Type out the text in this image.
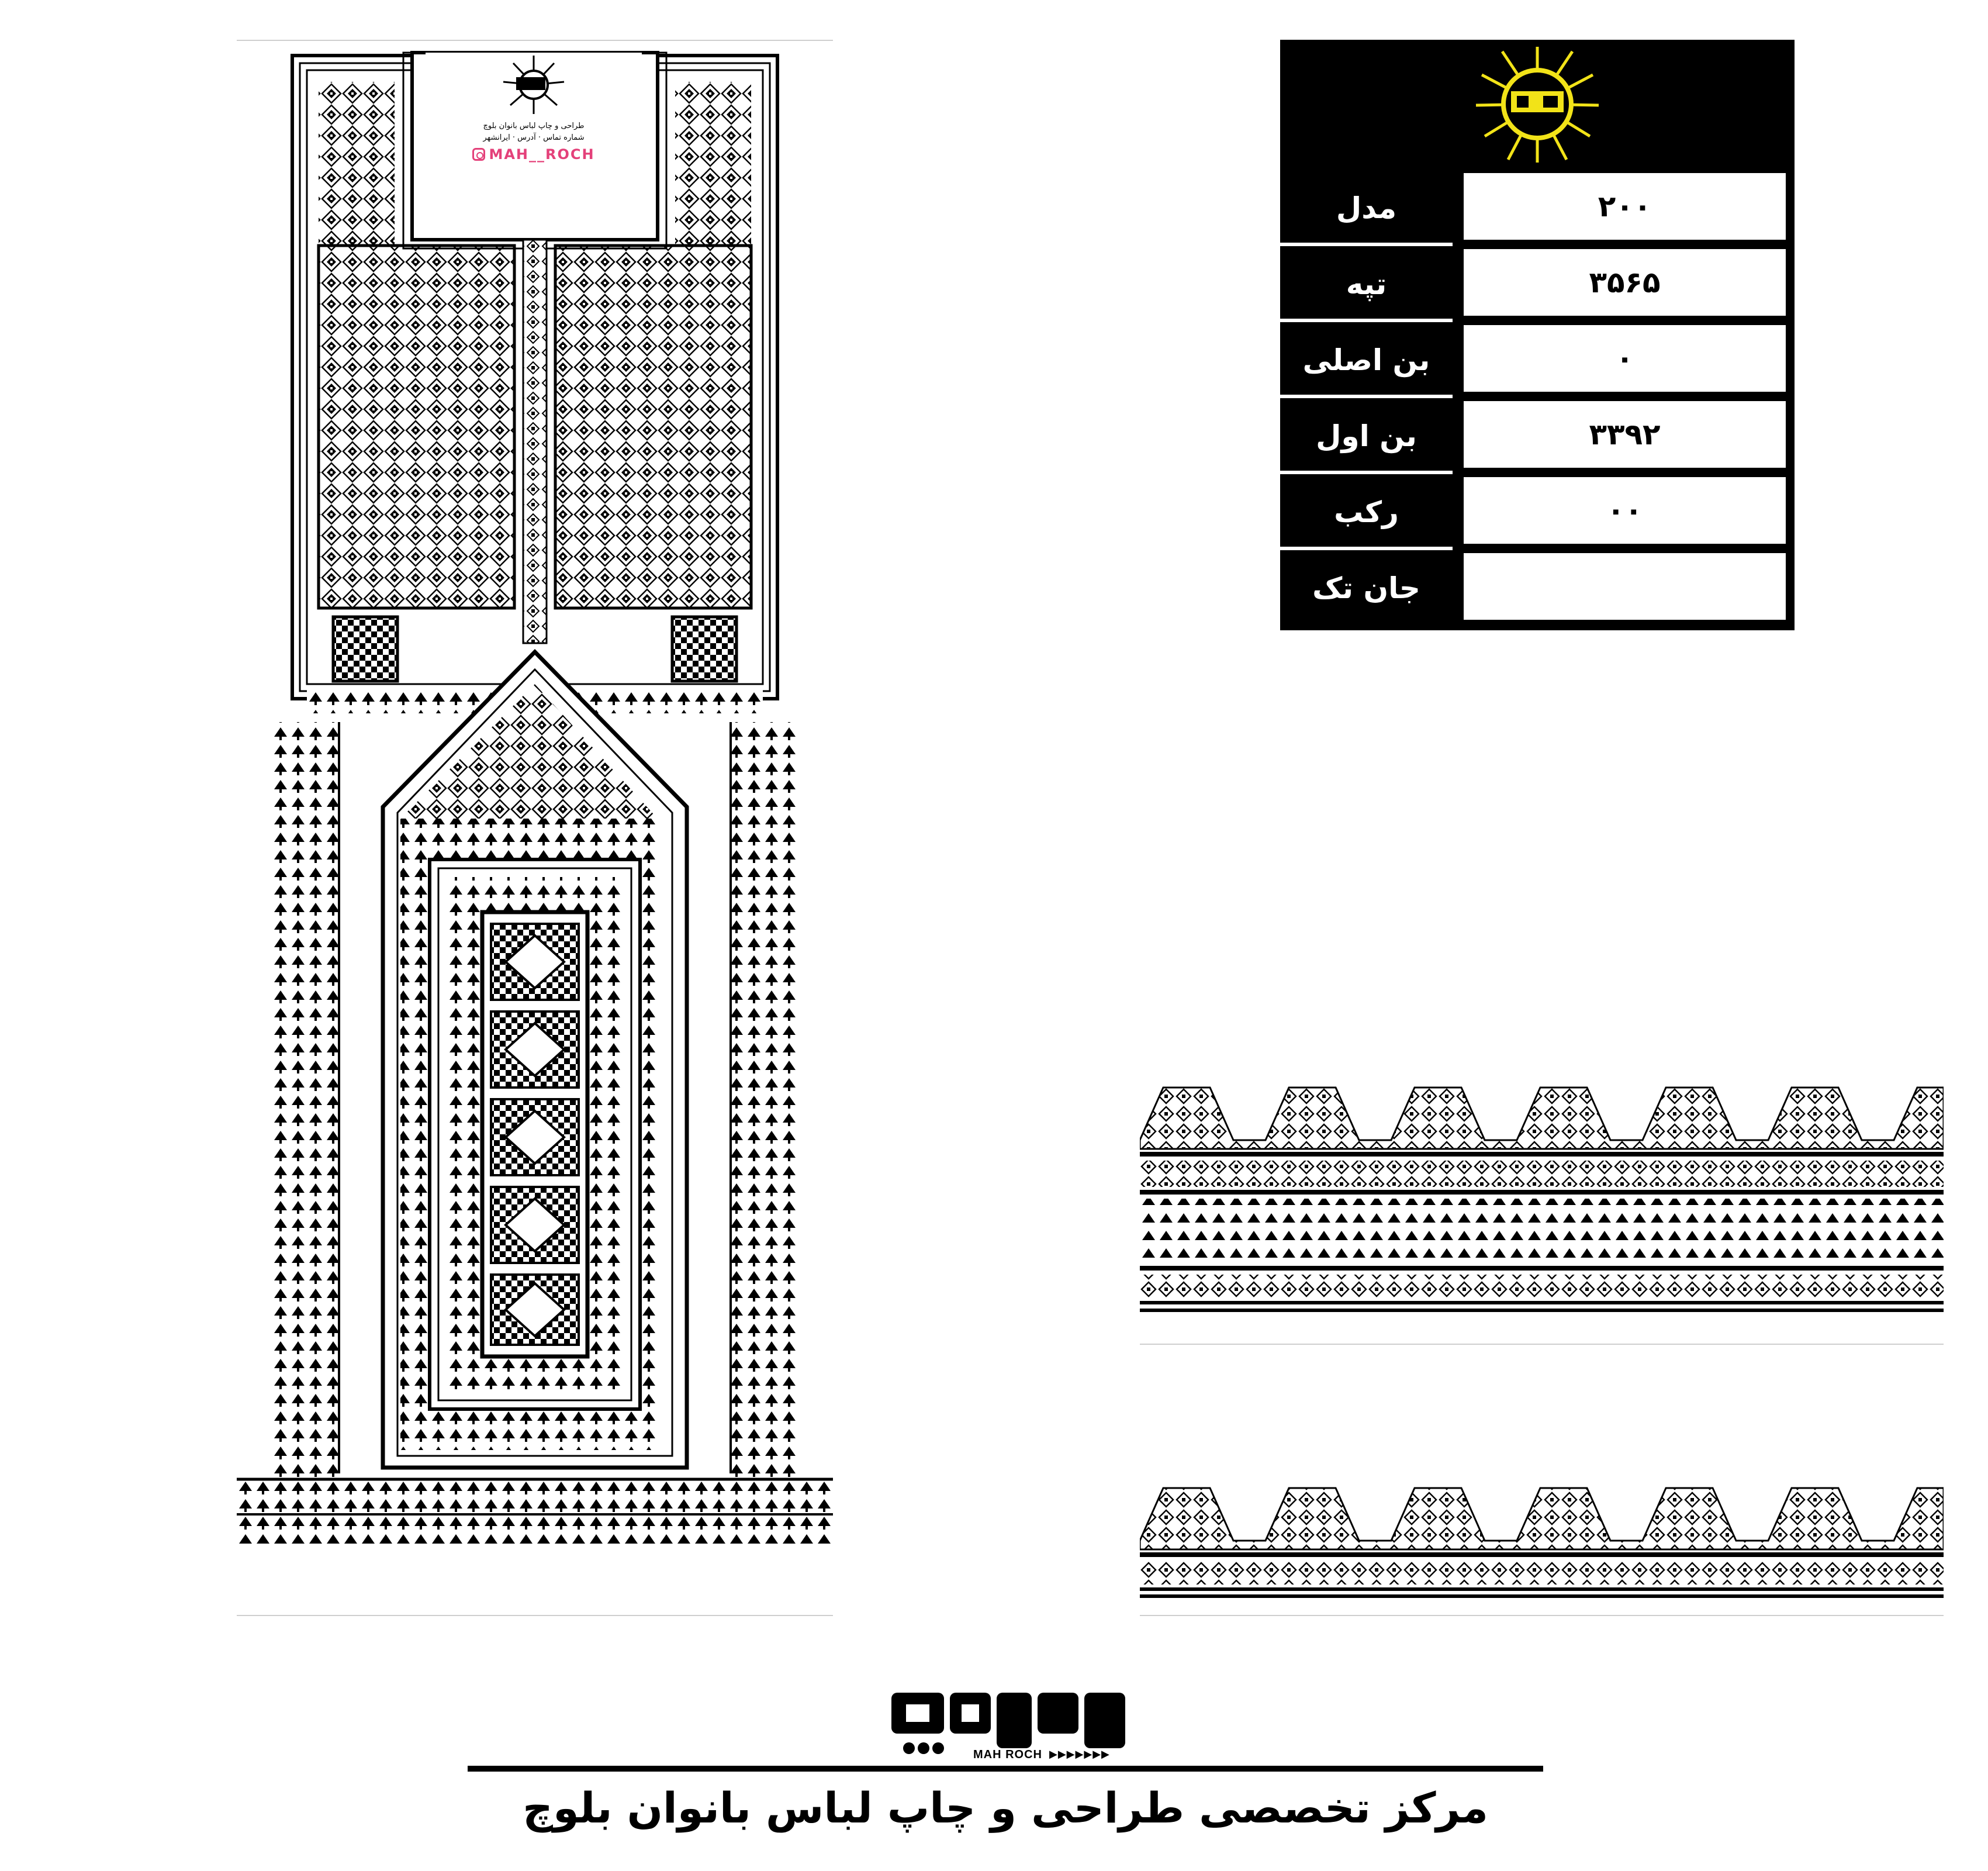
طراحی و چاپ لباس بانوان بلوچ
شماره تماس · آدرس · ایرانشهر
MAH__ROCH
مدل	۲۰۰
تپه	۳۵۶۵
بن اصلی	۰
بن اول	۳۳۹۲
رکب	۰۰
جان تک
MAH ROCH ▶▶▶▶▶▶▶
مرکز تخصصی طراحی و چاپ لباس بانوان بلوچ
